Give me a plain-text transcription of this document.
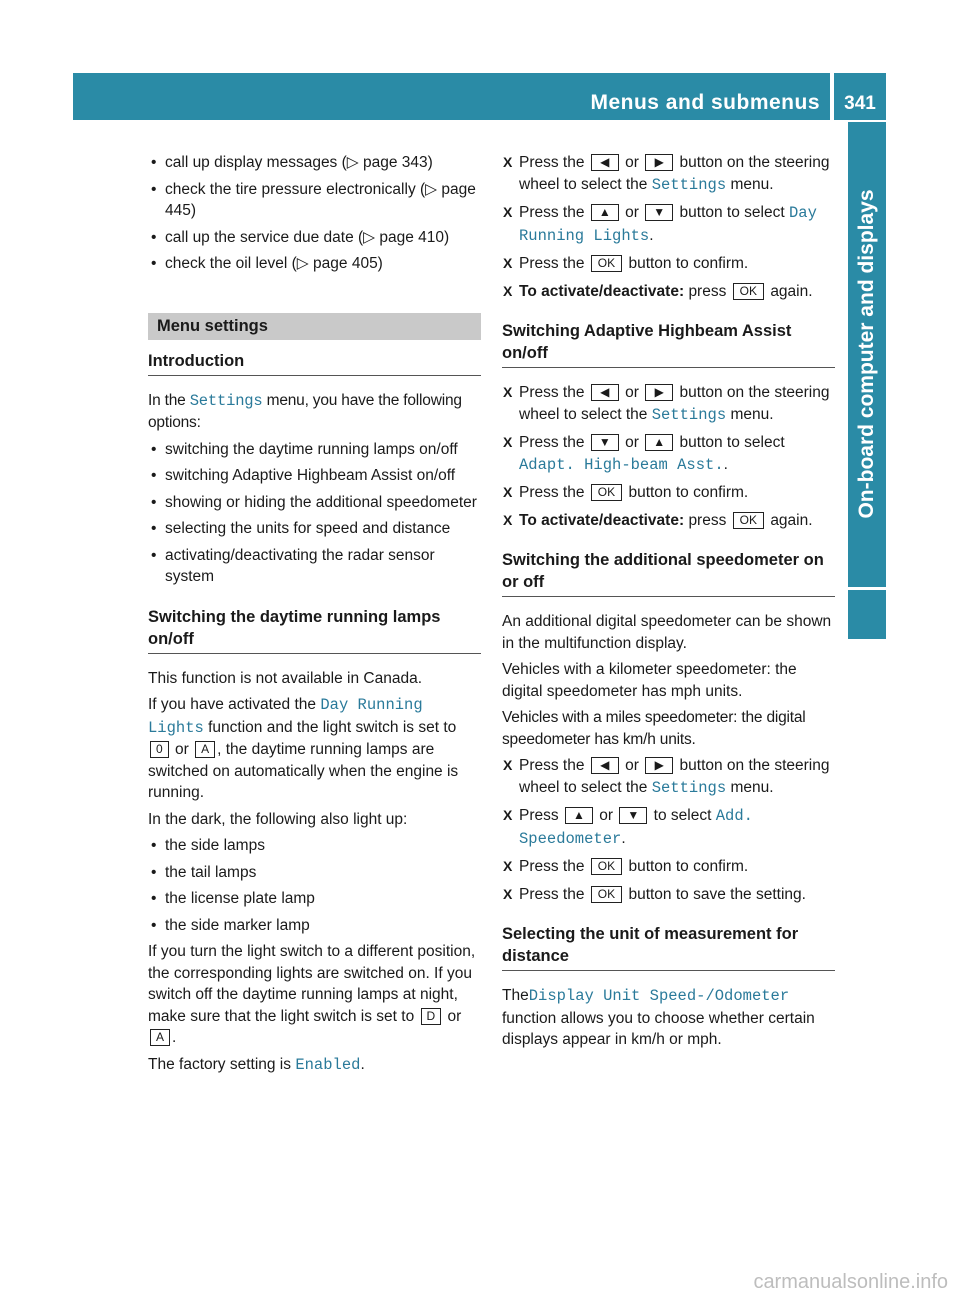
Menus and submenus	341
On-board computer and displays
• call up display messages (▷ page 343)
• check the tire pressure electronically (▷ page 445)
• call up the service due date (▷ page 410)
• check the oil level (▷ page 405)
Menu settings
Introduction

In the Settings menu, you have the following options:

• switching the daytime running lamps on/off
• switching Adaptive Highbeam Assist on/off
• showing or hiding the additional speedometer
• selecting the units for speed and distance
• activating/deactivating the radar sensor system
Switching the daytime running lamps on/off

This function is not available in Canada.

If you have activated the Day Running Lights function and the light switch is set to 0 or A , the daytime running lamps are switched on automatically when the engine is running.

In the dark, the following also light up:

• the side lamps
• the tail lamps
• the license plate lamp
• the side marker lamp

If you turn the light switch to a different position, the corresponding lights are switched on. If you switch off the daytime running lamps at night, make sure that the light switch is set to D or A .

The factory setting is Enabled.

X Press the ◀ or ▶ button on the steering wheel to select the Settings menu.
X Press the ▲ or ▼ button to select Day Running Lights.
X Press the OK button to confirm.
X To activate/deactivate: press OK again.
Switching Adaptive Highbeam Assist on/off
X Press the ◀ or ▶ button on the steering wheel to select the Settings menu.
X Press the ▼ or ▲ button to select Adapt. High-beam Asst..
X Press the OK button to confirm.
X To activate/deactivate: press OK again.
Switching the additional speedometer on or off

An additional digital speedometer can be shown in the multifunction display.

Vehicles with a kilometer speedometer: the digital speedometer has mph units.

Vehicles with a miles speedometer: the digital speedometer has km/h units.

X Press the ◀ or ▶ button on the steering wheel to select the Settings menu.
X Press ▲ or ▼ to select Add. Speedometer.
X Press the OK button to confirm.
X Press the OK button to save the setting.
Selecting the unit of measurement for distance

TheDisplay Unit Speed-/Odometer function allows you to choose whether certain displays appear in km/h or mph.

carmanualsonline.info
